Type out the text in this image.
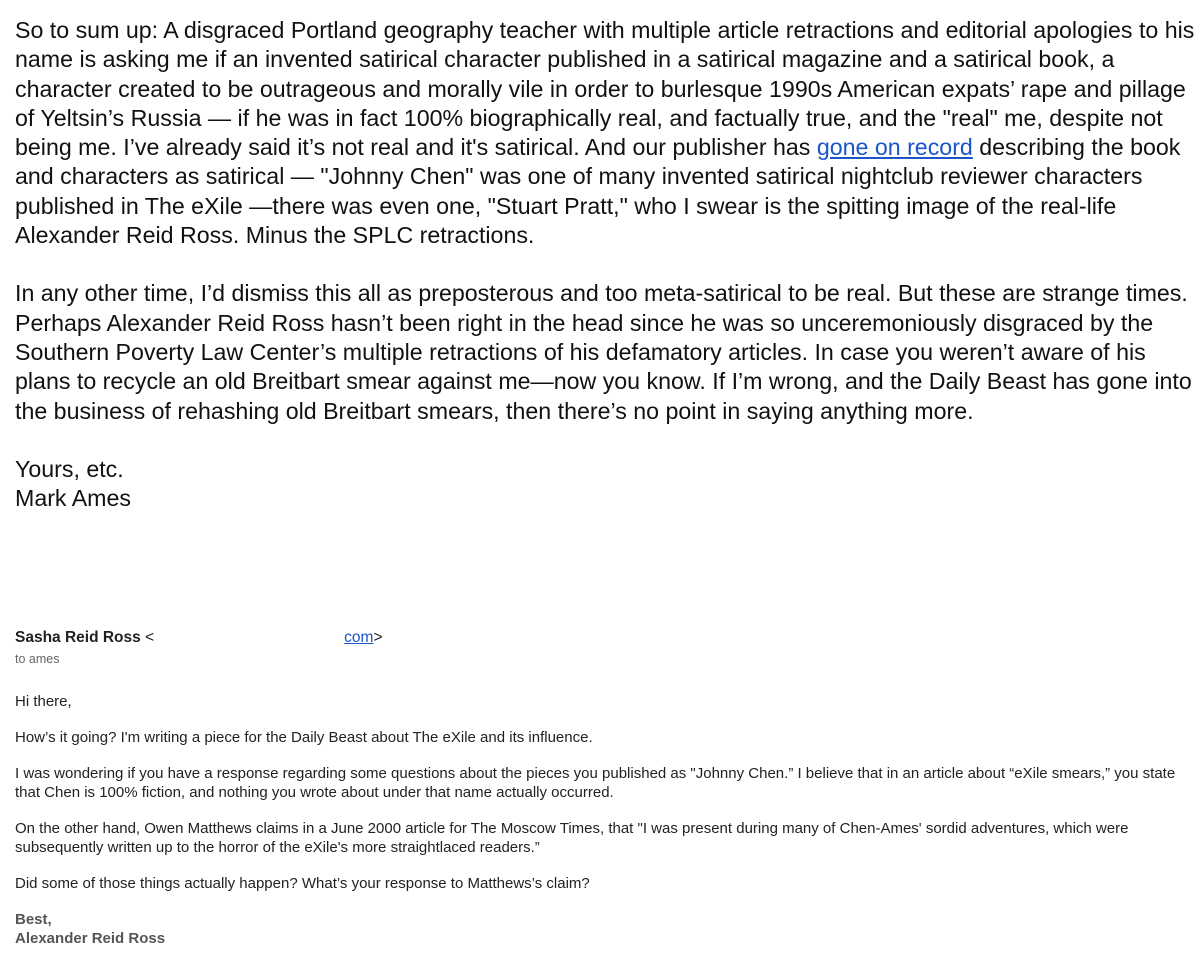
So to sum up: A disgraced Portland geography teacher with multiple article retractions and editorial apologies to his name is asking me if an invented satirical character published in a satirical magazine and a satirical book, a character created to be outrageous and morally vile in order to burlesque 1990s American expats’ rape and pillage of Yeltsin’s Russia — if he was in fact 100% biographically real, and factually true, and the "real" me, despite not being me. I’ve already said it’s not real and it's satirical. And our publisher has gone on record describing the book and characters as satirical — "Johnny Chen" was one of many invented satirical nightclub reviewer characters published in The eXile —there was even one, "Stuart Pratt," who I swear is the spitting image of the real-life Alexander Reid Ross. Minus the SPLC retractions.

In any other time, I’d dismiss this all as preposterous and too meta-satirical to be real. But these are strange times. Perhaps Alexander Reid Ross hasn’t been right in the head since he was so unceremoniously disgraced by the Southern Poverty Law Center’s multiple retractions of his defamatory articles. In case you weren’t aware of his plans to recycle an old Breitbart smear against me—now you know. If I’m wrong, and the Daily Beast has gone into the business of rehashing old Breitbart smears, then there’s no point in saying anything more.

Yours, etc.
Mark Ames

Sasha Reid Ross <	com>
to ames

Hi there,

How’s it going? I'm writing a piece for the Daily Beast about The eXile and its influence.

I was wondering if you have a response regarding some questions about the pieces you published as "Johnny Chen.” I believe that in an article about “eXile smears,” you state that Chen is 100% fiction, and nothing you wrote about under that name actually occurred.

On the other hand, Owen Matthews claims in a June 2000 article for The Moscow Times, that "I was present during many of Chen-Ames' sordid adventures, which were subsequently written up to the horror of the eXile's more straightlaced readers.”

Did some of those things actually happen? What’s your response to Matthews’s claim?

Best,
Alexander Reid Ross
